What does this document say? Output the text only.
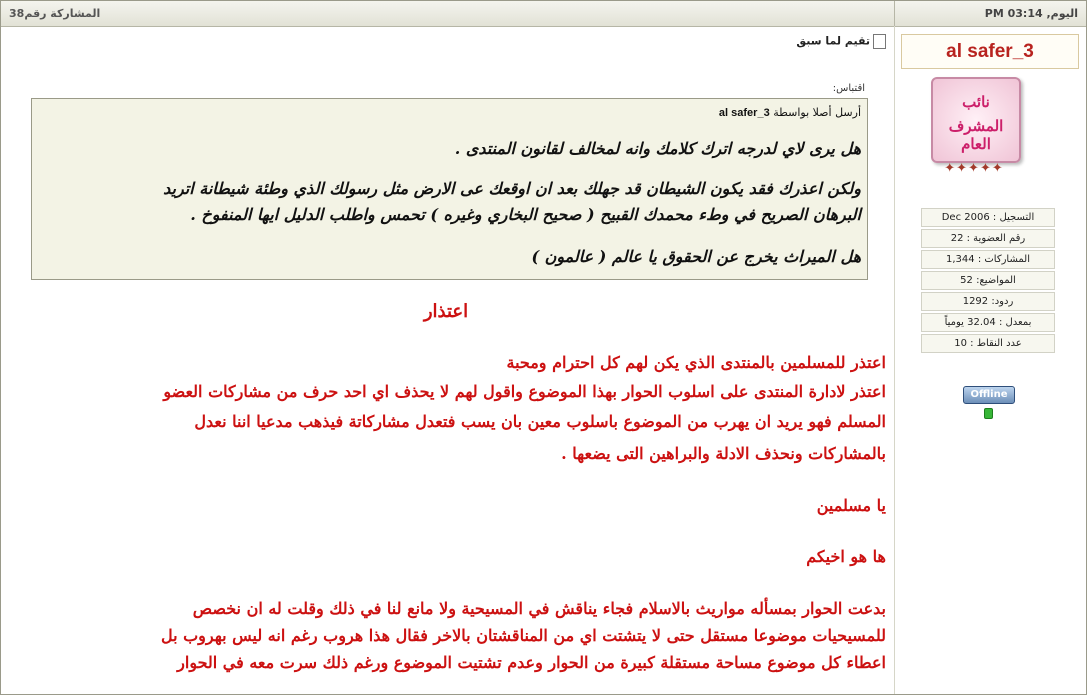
المشاركة رقم38	اليوم, 03:14 PM
al safer_3
نائب
المشرف العام
✦✦✦✦✦
التسجيل : Dec 2006
رقم العضوية : 22
المشاركات : 1,344
المواضيع: 52
ردود: 1292
بمعدل : 32.04 يومياً
عدد النقاط : 10
Offline
تقيم لما سبق
اقتباس:
أرسل أصلا بواسطة al safer_3
هل يرى لاي لدرجه اترك كلامك وانه لمخالف لقانون المنتدى .
ولكن اعذرك فقد يكون الشيطان قد جهلك بعد ان اوقعك عى الارض مثل رسولك الذي وطئة شيطانة اتريد
البرهان الصريح في وطء محمدك القبيح ( صحيح البخاري وغيره ) تحمس واطلب الدليل ايها المنفوخ .
هل الميراث يخرج عن الحقوق يا عالم ( عالمون )
اعتذار
اعتذر للمسلمين بالمنتدى الذي يكن لهم كل احترام ومحبة
اعتذر لادارة المنتدى على اسلوب الحوار بهذا الموضوع واقول لهم لا يحذف اي احد حرف من مشاركات العضو
المسلم فهو يريد ان يهرب من الموضوع باسلوب معين بان يسب فتعدل مشاركاتة فيذهب مدعيا اننا نعدل
بالمشاركات ونحذف الادلة والبراهين التى يضعها .
يا مسلمين
ها هو اخيكم
بدعت الحوار بمسأله مواريث بالاسلام فجاء يناقش في المسيحية ولا مانع لنا في ذلك وقلت له ان نخصص
للمسيحيات موضوعا مستقل حتى لا يتشتت اي من المناقشتان بالاخر فقال هذا هروب رغم انه ليس بهروب بل
اعطاء كل موضوع مساحة مستقلة كبيرة من الحوار وعدم تشتيت الموضوع ورغم ذلك سرت معه في الحوار
